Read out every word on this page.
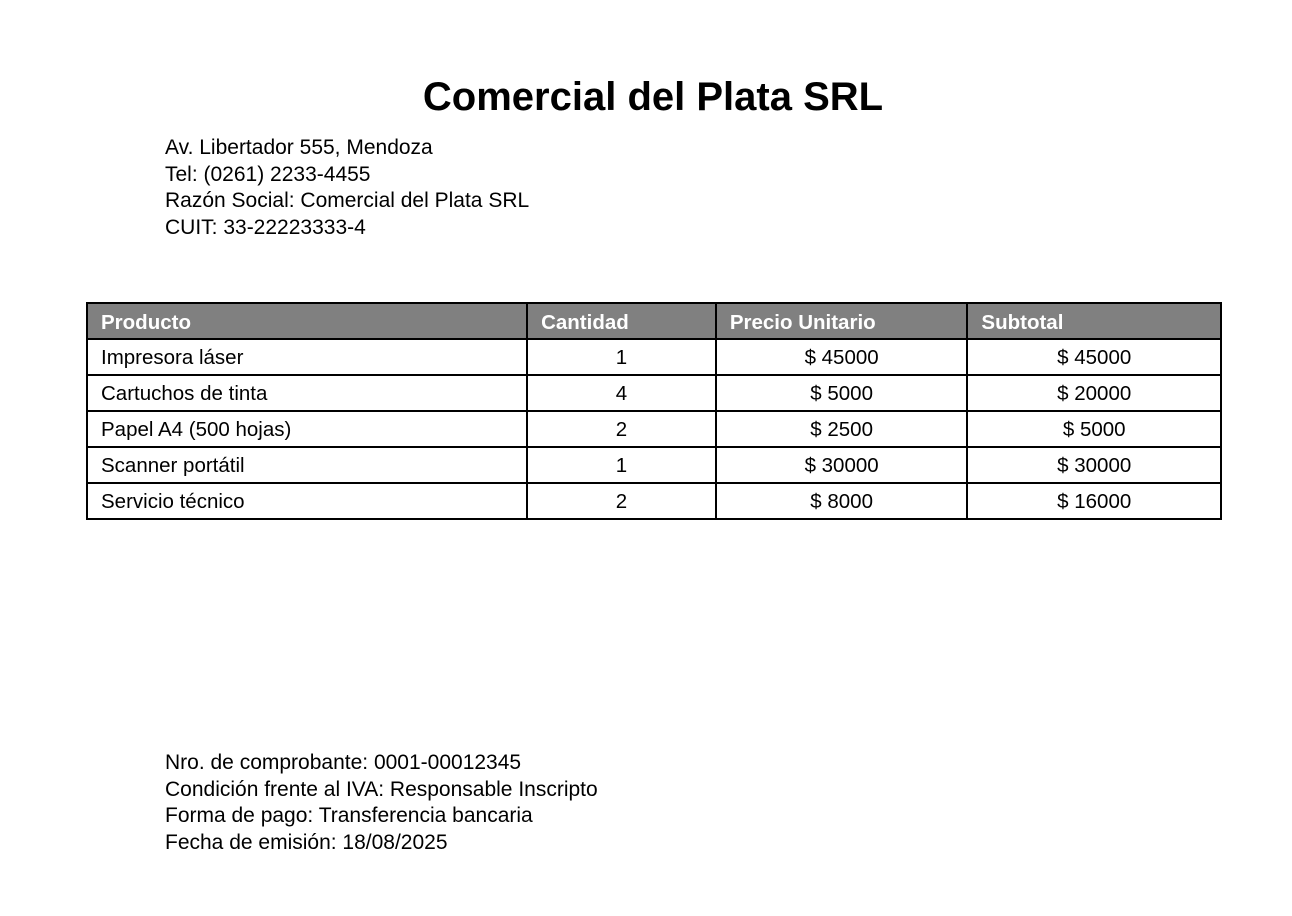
Comercial del Plata SRL
Av. Libertador 555, Mendoza
Tel: (0261) 2233-4455
Razón Social: Comercial del Plata SRL
CUIT: 33-22223333-4
Producto	Cantidad	Precio Unitario	Subtotal
Impresora láser	1	$ 45000	$ 45000
Cartuchos de tinta	4	$ 5000	$ 20000
Papel A4 (500 hojas)	2	$ 2500	$ 5000
Scanner portátil	1	$ 30000	$ 30000
Servicio técnico	2	$ 8000	$ 16000
Nro. de comprobante: 0001-00012345
Condición frente al IVA: Responsable Inscripto
Forma de pago: Transferencia bancaria
Fecha de emisión: 18/08/2025
